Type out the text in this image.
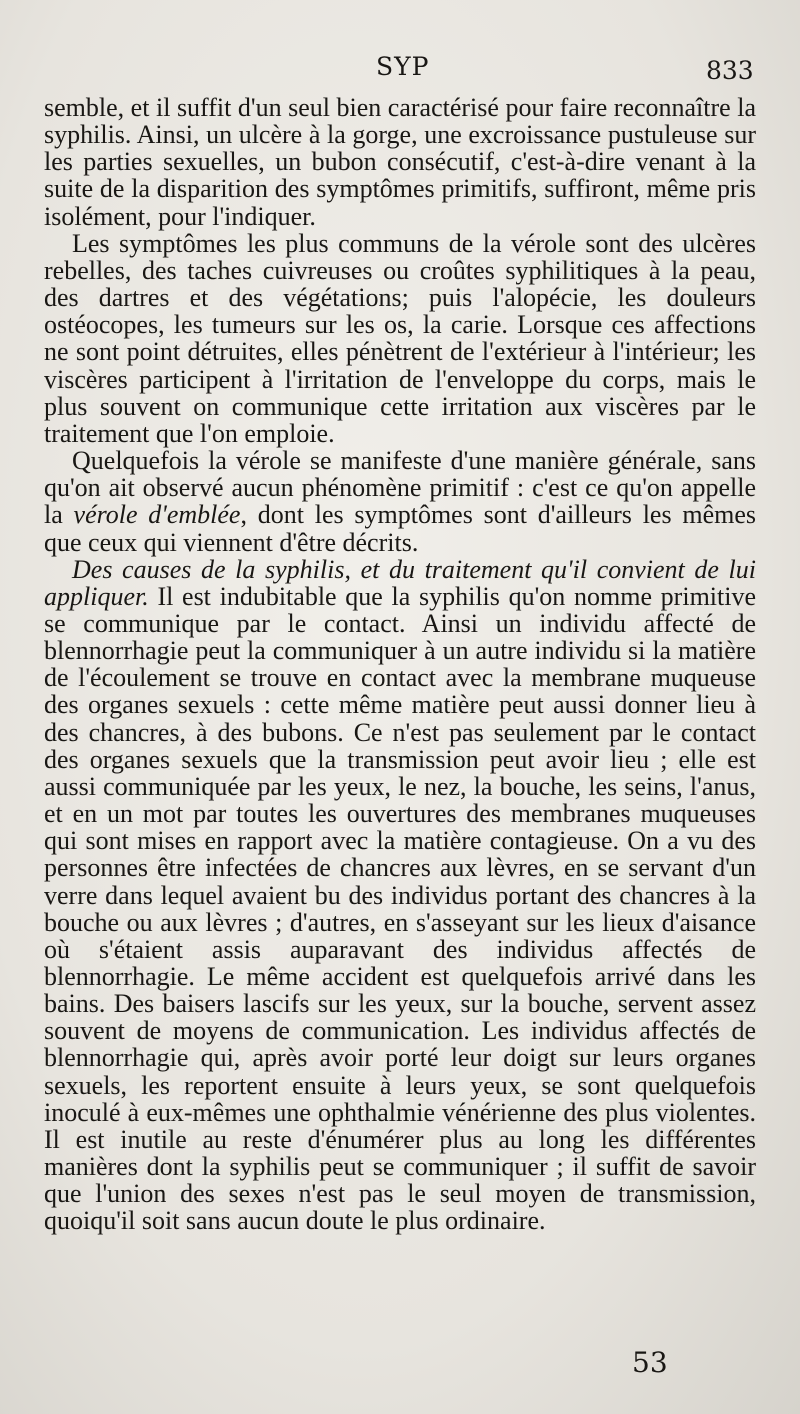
SYP	833

semble, et il suffit d'un seul bien caractérisé pour faire reconnaître la syphilis. Ainsi, un ulcère à la gorge, une excroissance pustuleuse sur les parties sexuelles, un bubon consécutif, c'est-à-dire venant à la suite de la disparition des symptômes primitifs, suffiront, même pris isolément, pour l'indiquer.

Les symptômes les plus communs de la vérole sont des ulcères rebelles, des taches cuivreuses ou croûtes syphilitiques à la peau, des dartres et des végétations; puis l'alopécie, les douleurs ostéocopes, les tumeurs sur les os, la carie. Lorsque ces affections ne sont point détruites, elles pénètrent de l'extérieur à l'intérieur; les viscères participent à l'irritation de l'enveloppe du corps, mais le plus souvent on communique cette irritation aux viscères par le traitement que l'on emploie.

Quelquefois la vérole se manifeste d'une manière générale, sans qu'on ait observé aucun phénomène primitif : c'est ce qu'on appelle la vérole d'emblée, dont les symptômes sont d'ailleurs les mêmes que ceux qui viennent d'être décrits.

Des causes de la syphilis, et du traitement qu'il convient de lui appliquer. Il est indubitable que la syphilis qu'on nomme primitive se communique par le contact. Ainsi un individu affecté de blennorrhagie peut la communiquer à un autre individu si la matière de l'écoulement se trouve en contact avec la membrane muqueuse des organes sexuels : cette même matière peut aussi donner lieu à des chancres, à des bubons. Ce n'est pas seulement par le contact des organes sexuels que la transmission peut avoir lieu ; elle est aussi communiquée par les yeux, le nez, la bouche, les seins, l'anus, et en un mot par toutes les ouvertures des membranes muqueuses qui sont mises en rapport avec la matière contagieuse. On a vu des personnes être infectées de chancres aux lèvres, en se servant d'un verre dans lequel avaient bu des individus portant des chancres à la bouche ou aux lèvres ; d'autres, en s'asseyant sur les lieux d'aisance où s'étaient assis auparavant des individus affectés de blennorrhagie. Le même accident est quelquefois arrivé dans les bains. Des baisers lascifs sur les yeux, sur la bouche, servent assez souvent de moyens de communication. Les individus affectés de blennorrhagie qui, après avoir porté leur doigt sur leurs organes sexuels, les reportent ensuite à leurs yeux, se sont quelquefois inoculé à eux-mêmes une ophthalmie vénérienne des plus violentes. Il est inutile au reste d'énumérer plus au long les différentes manières dont la syphilis peut se communiquer ; il suffit de savoir que l'union des sexes n'est pas le seul moyen de transmission, quoiqu'il soit sans aucun doute le plus ordinaire.

53
